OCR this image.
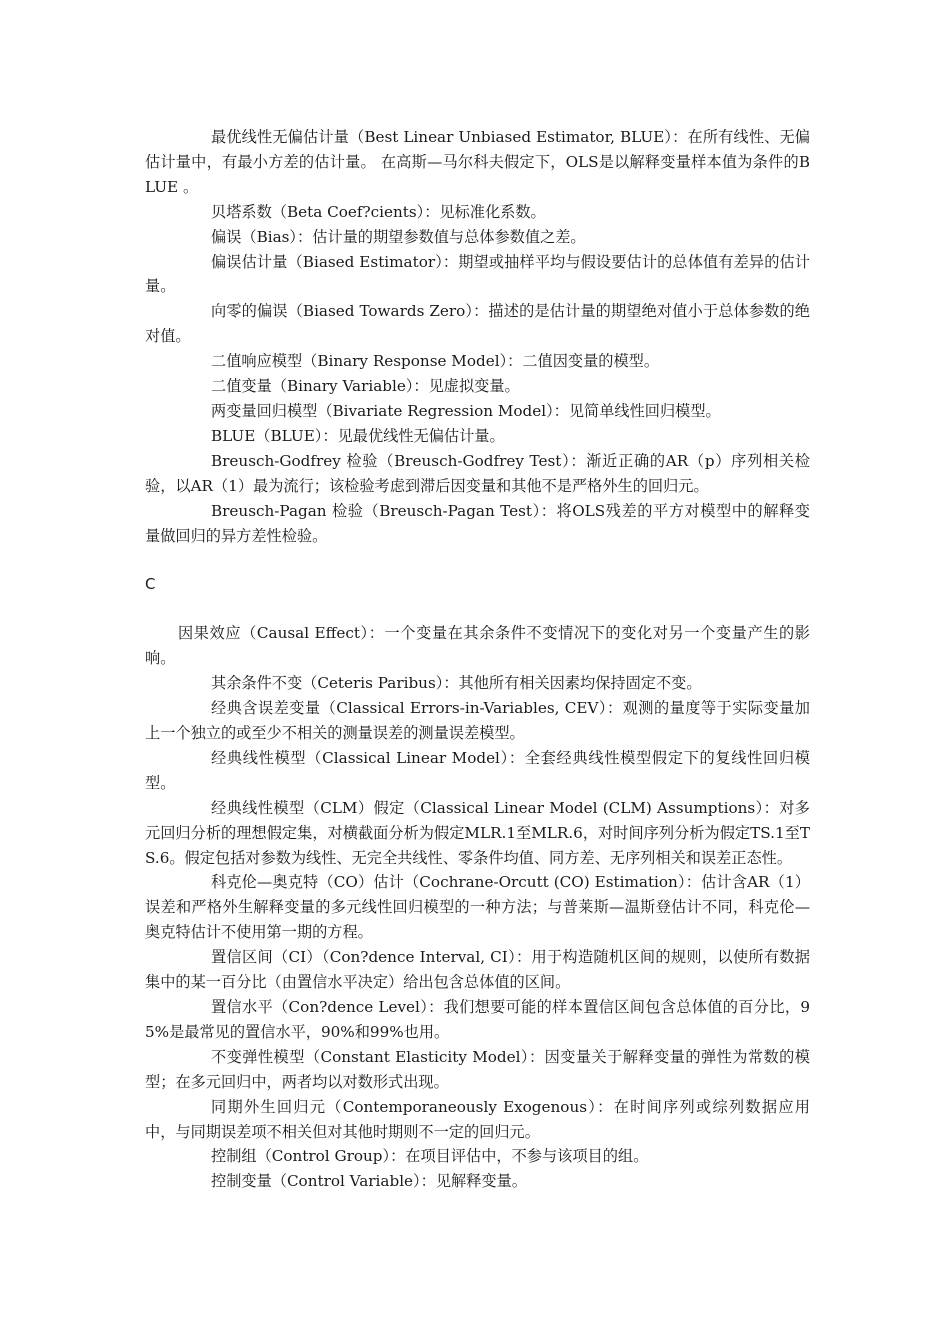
最优线性无偏估计量（Best Linear Unbiased Estimator, BLUE）：在所有线性、无偏估计量中，有最小方差的估计量。 在高斯—马尔科夫假定下，OLS是以解释变量样本值为条件的BLUE 。

贝塔系数（Beta Coef?cients）：见标准化系数。

偏误（Bias）：估计量的期望参数值与总体参数值之差。

偏误估计量（Biased Estimator）：期望或抽样平均与假设要估计的总体值有差异的估计量。

向零的偏误（Biased Towards Zero）：描述的是估计量的期望绝对值小于总体参数的绝对值。

二值响应模型（Binary Response Model）：二值因变量的模型。

二值变量（Binary Variable）：见虚拟变量。

两变量回归模型（Bivariate Regression Model）：见简单线性回归模型。

BLUE（BLUE）：见最优线性无偏估计量。

Breusch-Godfrey 检验（Breusch-Godfrey Test）：渐近正确的AR（p）序列相关检验，以AR（1）最为流行；该检验考虑到滞后因变量和其他不是严格外生的回归元。

Breusch-Pagan 检验（Breusch-Pagan Test）：将OLS残差的平方对模型中的解释变量做回归的异方差性检验。

C

因果效应（Causal Effect）：一个变量在其余条件不变情况下的变化对另一个变量产生的影响。

其余条件不变（Ceteris Paribus）：其他所有相关因素均保持固定不变。

经典含误差变量（Classical Errors-in-Variables, CEV）：观测的量度等于实际变量加上一个独立的或至少不相关的测量误差的测量误差模型。

经典线性模型（Classical Linear Model）：全套经典线性模型假定下的复线性回归模型。

经典线性模型（CLM）假定（Classical Linear Model (CLM) Assumptions）：对多元回归分析的理想假定集，对横截面分析为假定MLR.1至MLR.6，对时间序列分析为假定TS.1至TS.6。假定包括对参数为线性、无完全共线性、零条件均值、同方差、无序列相关和误差正态性。

科克伦—奥克特（CO）估计（Cochrane-Orcutt (CO) Estimation）：估计含AR（1）误差和严格外生解释变量的多元线性回归模型的一种方法；与普莱斯—温斯登估计不同，科克伦—奥克特估计不使用第一期的方程。

置信区间（CI）（Con?dence Interval, CI）：用于构造随机区间的规则，以使所有数据集中的某一百分比（由置信水平决定）给出包含总体值的区间。

置信水平（Con?dence Level）：我们想要可能的样本置信区间包含总体值的百分比，95%是最常见的置信水平，90%和99%也用。

不变弹性模型（Constant Elasticity Model）：因变量关于解释变量的弹性为常数的模型；在多元回归中，两者均以对数形式出现。

同期外生回归元（Contemporaneously Exogenous）：在时间序列或综列数据应用中，与同期误差项不相关但对其他时期则不一定的回归元。

控制组（Control Group）：在项目评估中，不参与该项目的组。

控制变量（Control Variable）：见解释变量。
